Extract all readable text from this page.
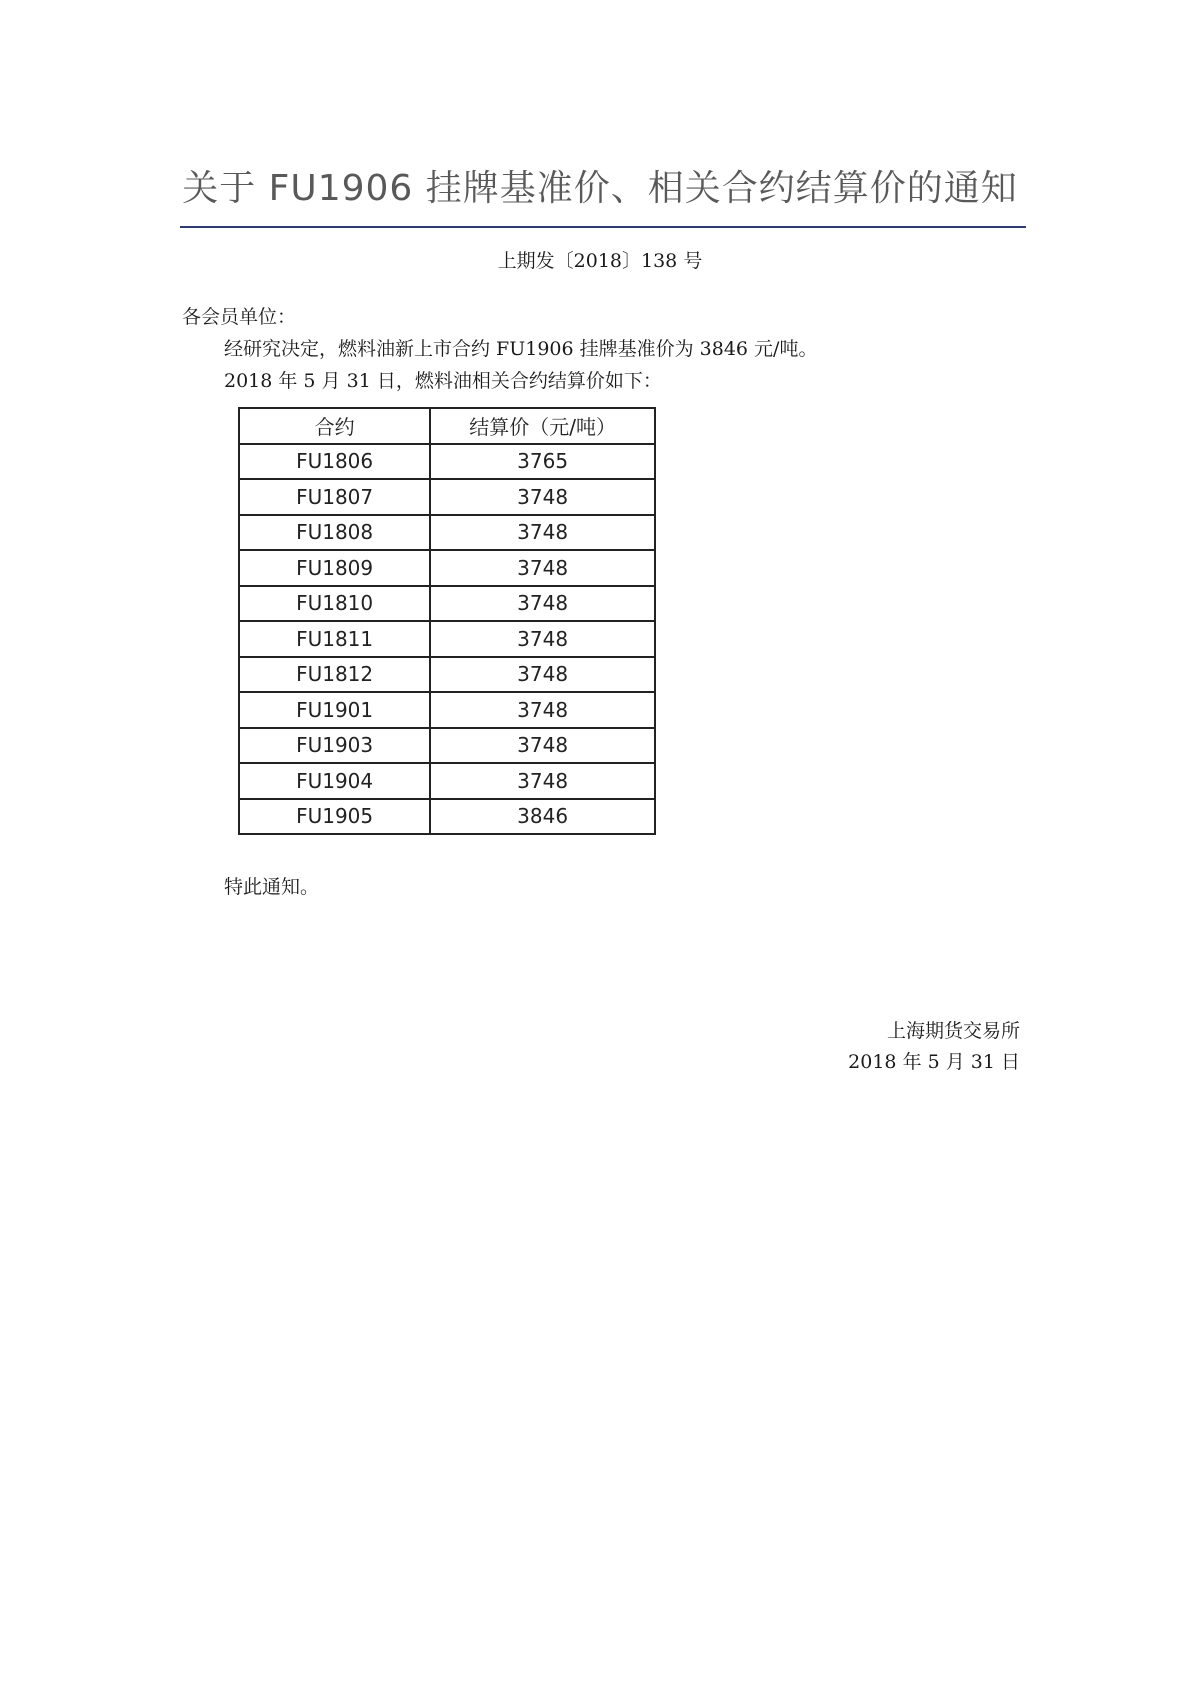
关于 FU1906 挂牌基准价、相关合约结算价的通知
上期发〔2018〕138 号
各会员单位：
经研究决定，燃料油新上市合约 FU1906 挂牌基准价为 3846 元/吨。
2018 年 5 月 31 日，燃料油相关合约结算价如下：
合约	结算价（元/吨）
FU1806	3765
FU1807	3748
FU1808	3748
FU1809	3748
FU1810	3748
FU1811	3748
FU1812	3748
FU1901	3748
FU1903	3748
FU1904	3748
FU1905	3846
特此通知。
上海期货交易所
2018 年 5 月 31 日
